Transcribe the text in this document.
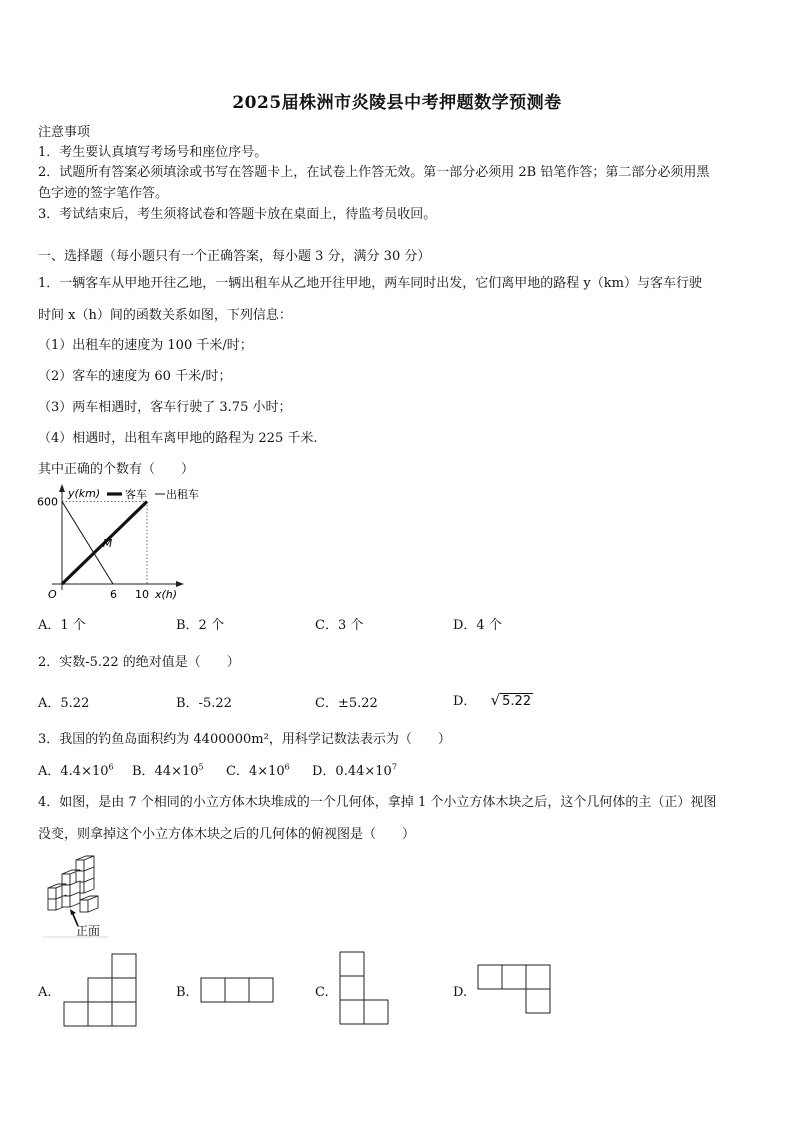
2025届株洲市炎陵县中考押题数学预测卷
注意事项
1．考生要认真填写考场号和座位序号。
2．试题所有答案必须填涂或书写在答题卡上，在试卷上作答无效。第一部分必须用 2B 铅笔作答；第二部分必须用黑
色字迹的签字笔作答。
3．考试结束后，考生须将试卷和答题卡放在桌面上，待监考员收回。
一、选择题（每小题只有一个正确答案，每小题 3 分，满分 30 分）
1．一辆客车从甲地开往乙地，一辆出租车从乙地开往甲地，两车同时出发，它们离甲地的路程 y（km）与客车行驶
时间 x（h）间的函数关系如图，下列信息：
（1）出租车的速度为 100 千米/时；
（2）客车的速度为 60 千米/时；
（3）两车相遇时，客车行驶了 3.75 小时；
（4）相遇时，出租车离甲地的路程为 225 千米.
其中正确的个数有（　　）
600
6 10
O	x(h)
y(km)
M
客车 出租车
A．1 个	B．2 个	C．3 个	D．4 个
2．实数-5.22 的绝对值是（　　）
A．5.22	B．-5.22	C．±5.22	D． √ 5.22
3．我国的钓鱼岛面积约为 4400000m²，用科学记数法表示为（　　）
A．$4.4\times 10^6$ B．$44\times 10^5$ C．$4\times 10^6$ D．$0.44\times 10^7$
4．如图，是由 7 个相同的小立方体木块堆成的一个几何体，拿掉 1 个小立方体木块之后，这个几何体的主（正）视图
没变，则拿掉这个小立方体木块之后的几何体的俯视图是（　　）
正面
A.	B.	C.	D.
